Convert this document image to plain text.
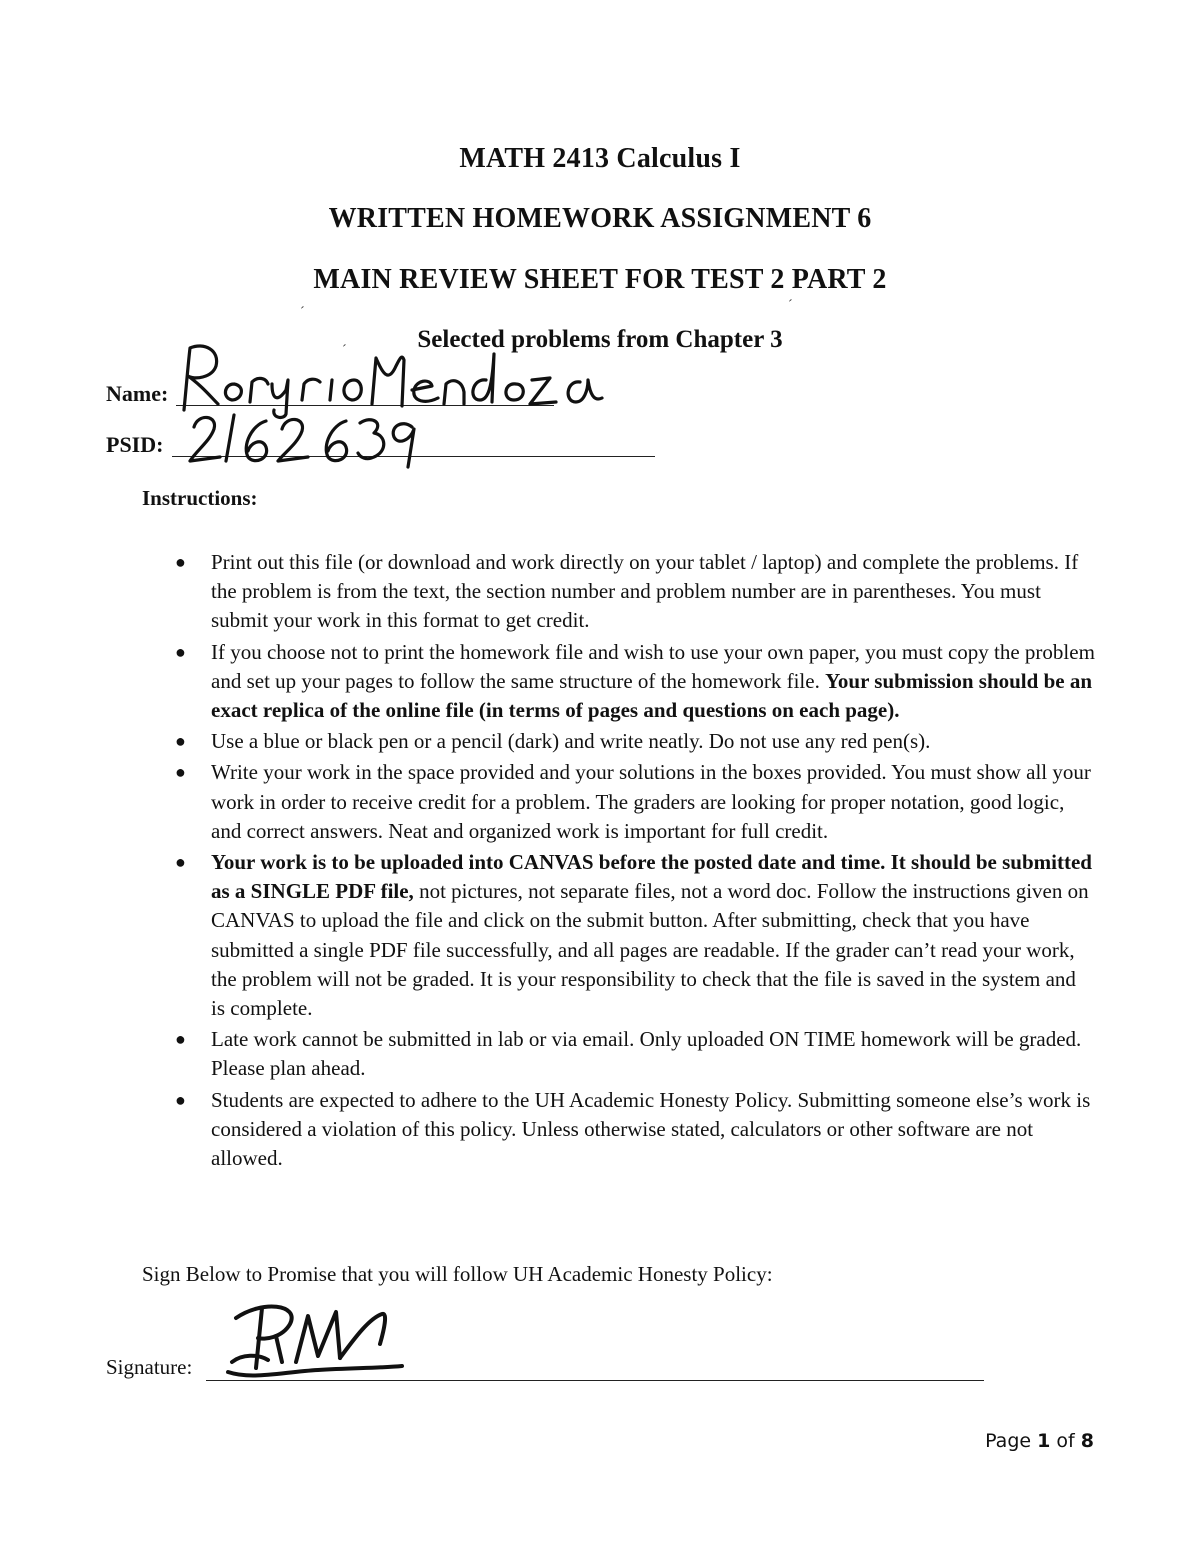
MATH 2413 Calculus I
WRITTEN HOMEWORK ASSIGNMENT 6
MAIN REVIEW SHEET FOR TEST 2 PART 2
ˊ	ˊ
ˊ	Selected problems from Chapter 3
Name:
PSID:
Instructions:
● Print out this file (or download and work directly on your tablet / laptop) and complete the problems. If the problem is from the text, the section number and problem number are in parentheses. You must submit your work in this format to get credit.
● If you choose not to print the homework file and wish to use your own paper, you must copy the problem and set up your pages to follow the same structure of the homework file. Your submission should be an exact replica of the online file (in terms of pages and questions on each page).
● Use a blue or black pen or a pencil (dark) and write neatly. Do not use any red pen(s).
● Write your work in the space provided and your solutions in the boxes provided. You must show all your work in order to receive credit for a problem. The graders are looking for proper notation, good logic, and correct answers. Neat and organized work is important for full credit.
● Your work is to be uploaded into CANVAS before the posted date and time. It should be submitted as a SINGLE PDF file, not pictures, not separate files, not a word doc. Follow the instructions given on CANVAS to upload the file and click on the submit button. After submitting, check that you have submitted a single PDF file successfully, and all pages are readable. If the grader can’t read your work, the problem will not be graded. It is your responsibility to check that the file is saved in the system and is complete.
● Late work cannot be submitted in lab or via email. Only uploaded ON TIME homework will be graded. Please plan ahead.
● Students are expected to adhere to the UH Academic Honesty Policy. Submitting someone else’s work is considered a violation of this policy. Unless otherwise stated, calculators or other software are not allowed.
Sign Below to Promise that you will follow UH Academic Honesty Policy:
Signature:
Page 1 of 8
